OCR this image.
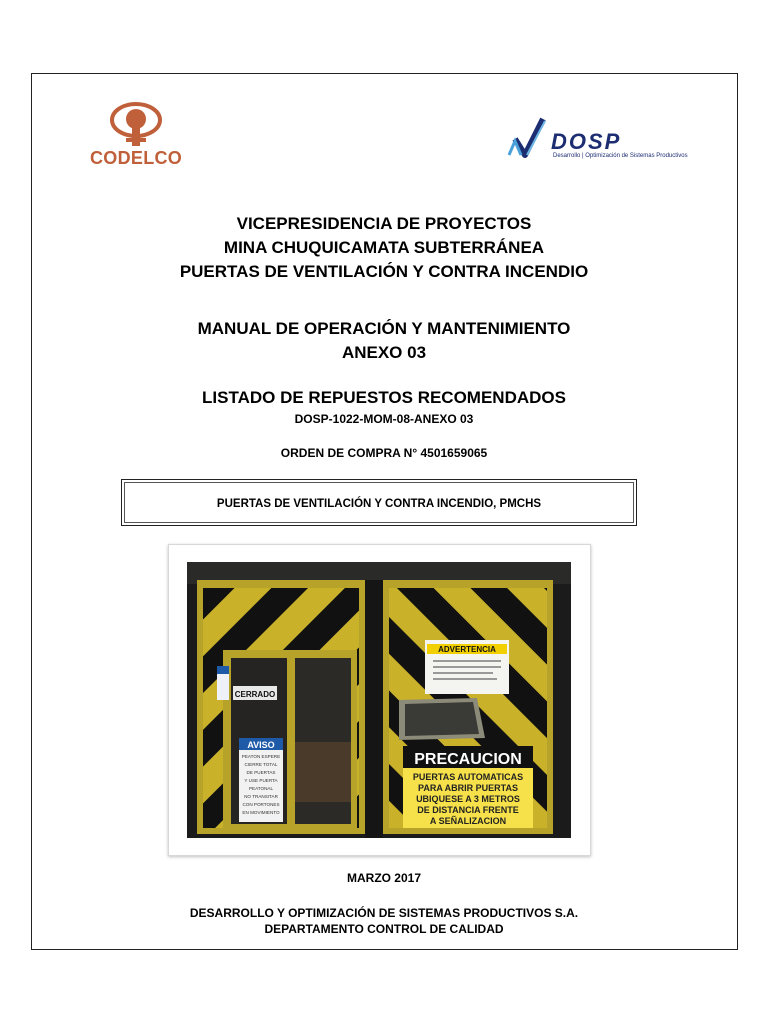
CODELCO
DOSP
Desarrollo | Optimización de Sistemas Productivos
VICEPRESIDENCIA DE PROYECTOS
MINA CHUQUICAMATA SUBTERRÁNEA
PUERTAS DE VENTILACIÓN Y CONTRA INCENDIO
MANUAL DE OPERACIÓN Y MANTENIMIENTO
ANEXO 03
LISTADO DE REPUESTOS RECOMENDADOS
DOSP-1022-MOM-08-ANEXO 03
ORDEN DE COMPRA N° 4501659065
PUERTAS DE VENTILACIÓN Y CONTRA INCENDIO, PMCHS
ADVERTENCIA
CERRADO
AVISO
PEATON ESPERE
CIERRE TOTAL
DE PUERTAS
Y USE PUERTA
PEATONAL
NO TRANSITAR
CON PORTONES
EN MOVIMIENTO
PRECAUCION
PUERTAS AUTOMATICAS
PARA ABRIR PUERTAS
UBIQUESE A 3 METROS
DE DISTANCIA FRENTE
A SEÑALIZACION
MARZO 2017
DESARROLLO Y OPTIMIZACIÓN DE SISTEMAS PRODUCTIVOS S.A.
DEPARTAMENTO CONTROL DE CALIDAD
